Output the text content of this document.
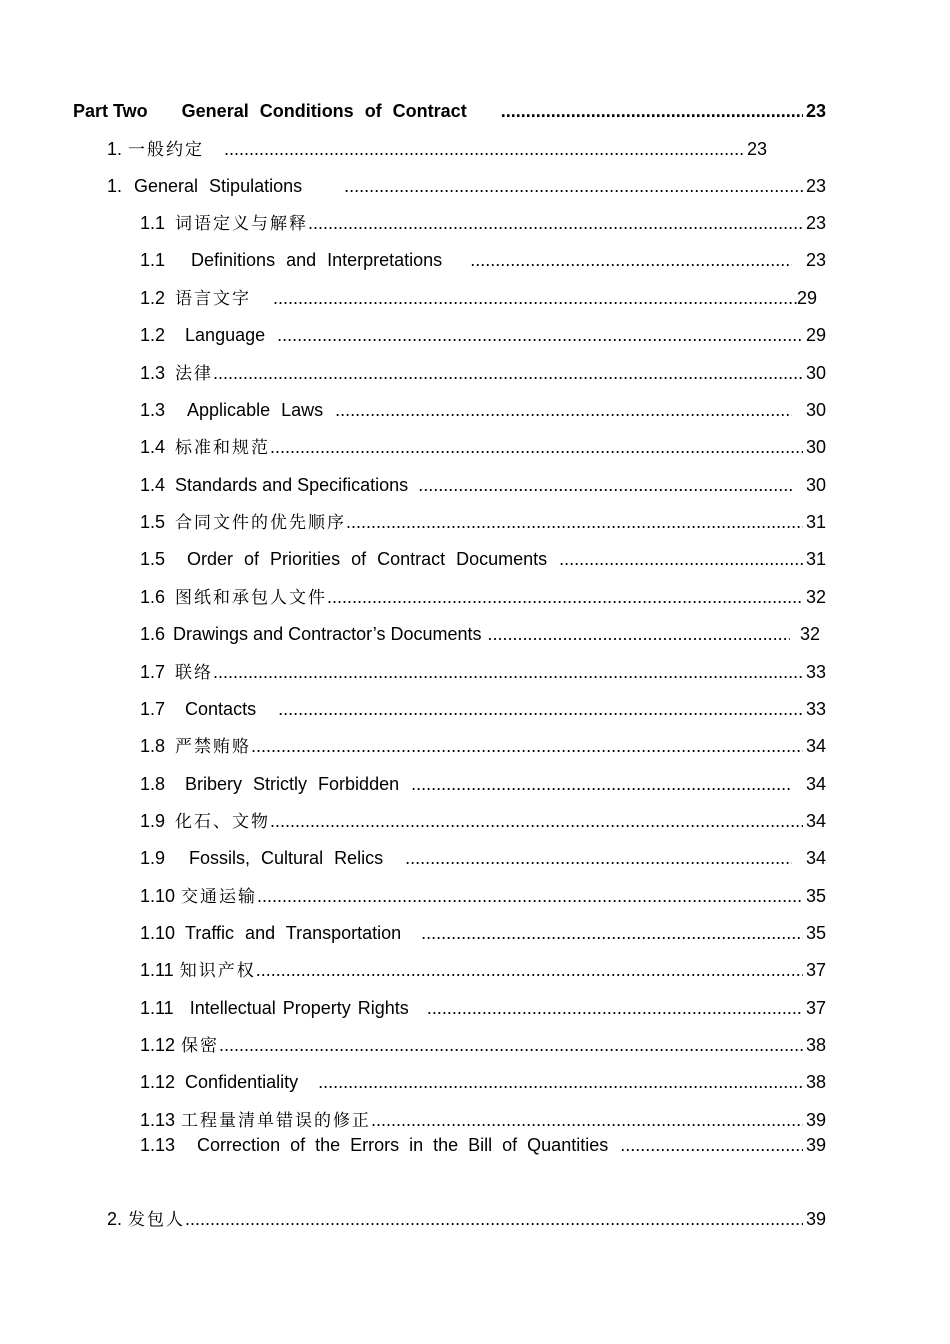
Part Two General Conditions of Contract .....	23
1. 一般约定 .....	23
1. General Stipulations .....	23
1.1 词语定义与解释 .....	23
1.1 Definitions and Interpretations .....	23
1.2 语言文字 .....	29
1.2 Language .....	29
1.3 法律 .....	30
1.3 Applicable Laws .....	30
1.4 标准和规范 .....	30
1.4 Standards and Specifications .....	30
1.5 合同文件的优先顺序 .....	31
1.5 Order of Priorities of Contract Documents .....	31
1.6 图纸和承包人文件 .....	32
1.6 Drawings and Contractor’s Documents .....	32
1.7 联络 .....	33
1.7 Contacts .....	33
1.8 严禁贿赂 .....	34
1.8 Bribery Strictly Forbidden .....	34
1.9 化石、文物 .....	34
1.9 Fossils, Cultural Relics .....	34
1.10 交通运输 .....	35
1.10 Traffic and Transportation .....	35
1.11 知识产权 .....	37
1.11 Intellectual Property Rights .....	37
1.12 保密 .....	38
1.12 Confidentiality .....	38
1.13 工程量清单错误的修正 .....	39
1.13 Correction of the Errors in the Bill of Quantities .....	39
2. 发包人 .....	39
